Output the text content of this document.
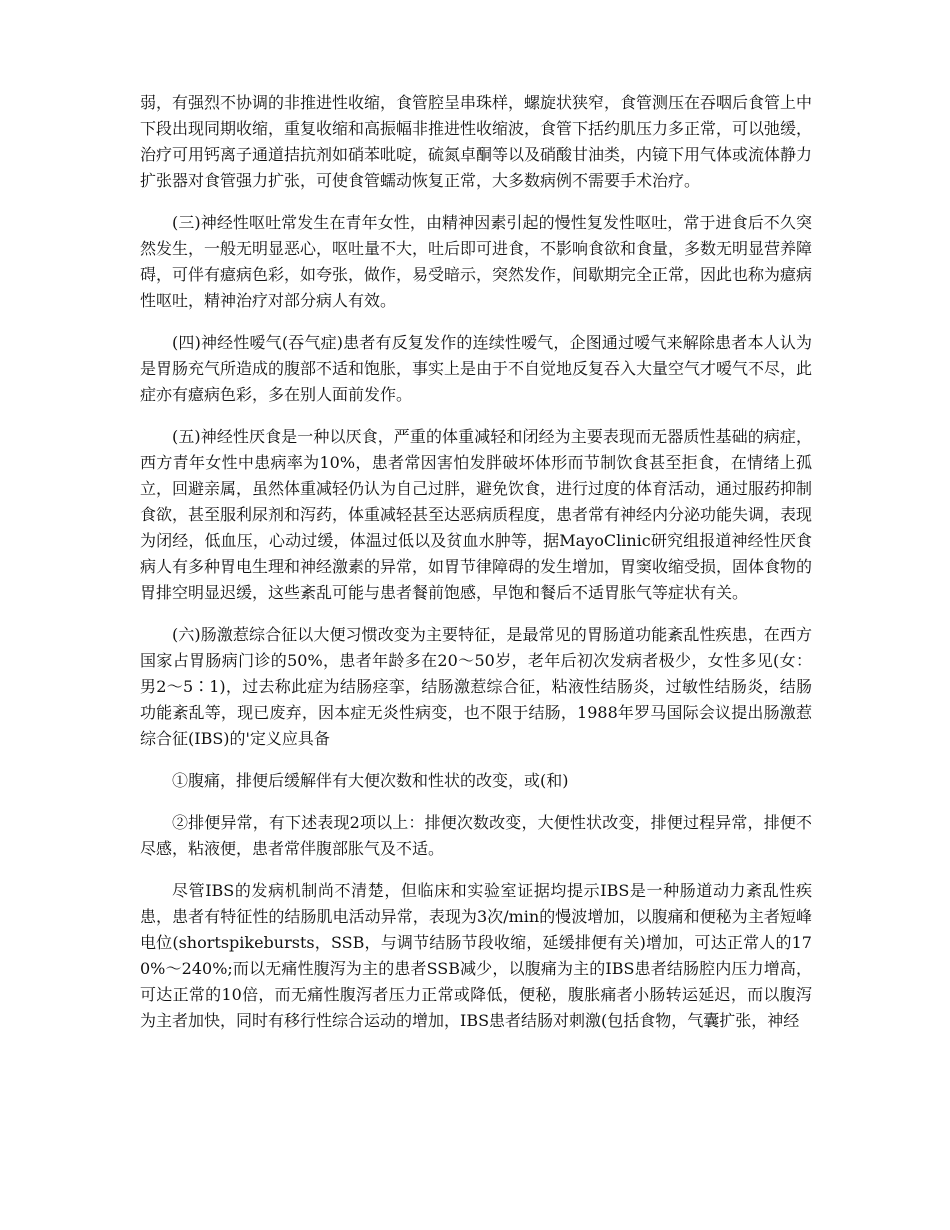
弱，有强烈不协调的非推进性收缩，食管腔呈串珠样，螺旋状狭窄，食管测压在吞咽后食管上中下段出现同期收缩，重复收缩和高振幅非推进性收缩波，食管下括约肌压力多正常，可以弛缓，治疗可用钙离子通道拮抗剂如硝苯吡啶，硫氮卓酮等以及硝酸甘油类，内镜下用气体或流体静力扩张器对食管强力扩张，可使食管蠕动恢复正常，大多数病例不需要手术治疗。

(三)神经性呕吐常发生在青年女性，由精神因素引起的慢性复发性呕吐，常于进食后不久突然发生，一般无明显恶心，呕吐量不大，吐后即可进食，不影响食欲和食量，多数无明显营养障碍，可伴有癔病色彩，如夸张，做作，易受暗示，突然发作，间歇期完全正常，因此也称为癔病性呕吐，精神治疗对部分病人有效。

(四)神经性嗳气(吞气症)患者有反复发作的连续性嗳气，企图通过嗳气来解除患者本人认为是胃肠充气所造成的腹部不适和饱胀，事实上是由于不自觉地反复吞入大量空气才嗳气不尽，此症亦有癔病色彩，多在别人面前发作。

(五)神经性厌食是一种以厌食，严重的体重减轻和闭经为主要表现而无器质性基础的病症，西方青年女性中患病率为10%，患者常因害怕发胖破坏体形而节制饮食甚至拒食，在情绪上孤立，回避亲属，虽然体重减轻仍认为自己过胖，避免饮食，进行过度的体育活动，通过服药抑制食欲，甚至服利尿剂和泻药，体重减轻甚至达恶病质程度，患者常有神经内分泌功能失调，表现为闭经，低血压，心动过缓，体温过低以及贫血水肿等，据MayoClinic研究组报道神经性厌食病人有多种胃电生理和神经激素的异常，如胃节律障碍的发生增加，胃窦收缩受损，固体食物的胃排空明显迟缓，这些紊乱可能与患者餐前饱感，早饱和餐后不适胃胀气等症状有关。

(六)肠激惹综合征以大便习惯改变为主要特征，是最常见的胃肠道功能紊乱性疾患，在西方国家占胃肠病门诊的50%，患者年龄多在20～50岁，老年后初次发病者极少，女性多见(女：男2～5∶1)，过去称此症为结肠痉挛，结肠激惹综合征，粘液性结肠炎，过敏性结肠炎，结肠功能紊乱等，现已废弃，因本症无炎性病变，也不限于结肠，1988年罗马国际会议提出肠激惹综合征(IBS)的'定义应具备

①腹痛，排便后缓解伴有大便次数和性状的改变，或(和)

②排便异常，有下述表现2项以上：排便次数改变，大便性状改变，排便过程异常，排便不尽感，粘液便，患者常伴腹部胀气及不适。

尽管IBS的发病机制尚不清楚，但临床和实验室证据均提示IBS是一种肠道动力紊乱性疾患，患者有特征性的结肠肌电活动异常，表现为3次/min的慢波增加，以腹痛和便秘为主者短峰电位(shortspikebursts，SSB，与调节结肠节段收缩，延缓排便有关)增加，可达正常人的170%～240%;而以无痛性腹泻为主的患者SSB减少，以腹痛为主的IBS患者结肠腔内压力增高，可达正常的10倍，而无痛性腹泻者压力正常或降低，便秘，腹胀痛者小肠转运延迟，而以腹泻为主者加快，同时有移行性综合运动的增加，IBS患者结肠对刺激(包括食物，气囊扩张，神经
